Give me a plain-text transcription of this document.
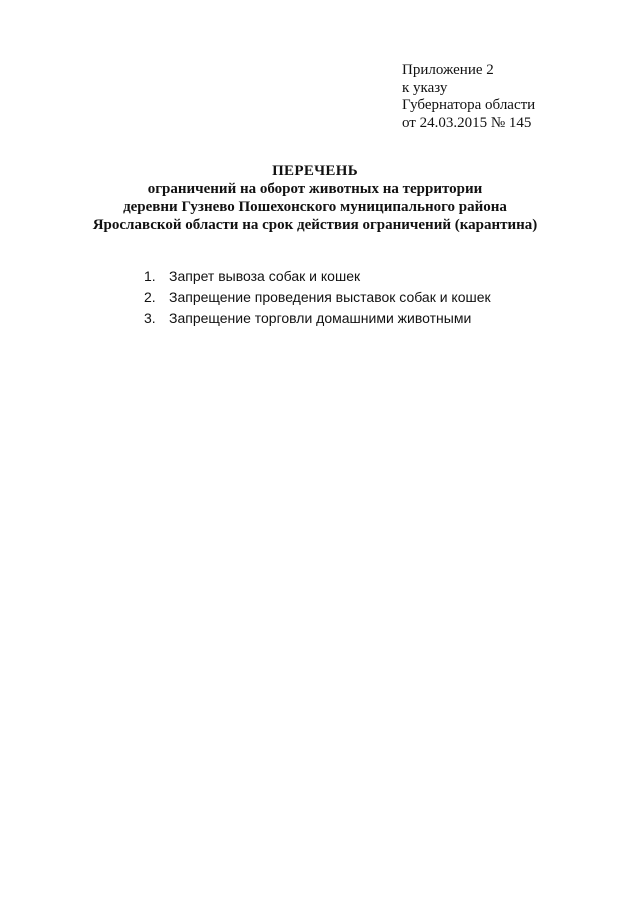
Приложение 2
к указу
Губернатора области
от 24.03.2015 № 145
ПЕРЕЧЕНЬ
ограничений на оборот животных на территории
деревни Гузнево Пошехонского муниципального района
Ярославской области на срок действия ограничений (карантина)
1. Запрет вывоза собак и кошек
2. Запрещение проведения выставок собак и кошек
3. Запрещение торговли домашними животными
